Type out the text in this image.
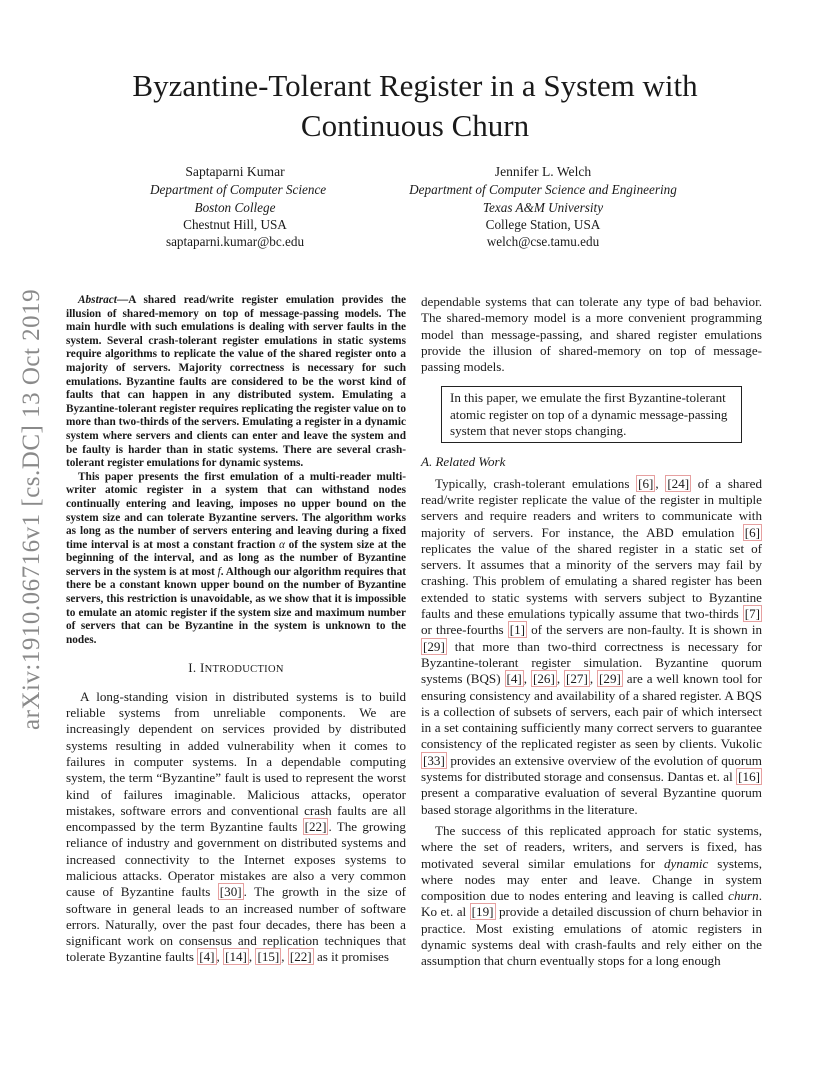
arXiv:1910.06716v1 [cs.DC] 13 Oct 2019
Byzantine-Tolerant Register in a System with
Continuous Churn
Saptaparni Kumar
Department of Computer Science
Boston College
Chestnut Hill, USA
saptaparni.kumar@bc.edu
Jennifer L. Welch
Department of Computer Science and Engineering
Texas A&M University
College Station, USA
welch@cse.tamu.edu

Abstract—A shared read/write register emulation provides the illusion of shared-memory on top of message-passing models. The main hurdle with such emulations is dealing with server faults in the system. Several crash-tolerant register emulations in static systems require algorithms to replicate the value of the shared register onto a majority of servers. Majority correctness is necessary for such emulations. Byzantine faults are considered to be the worst kind of faults that can happen in any distributed system. Emulating a Byzantine-tolerant register requires replicating the register value on to more than two-thirds of the servers. Emulating a register in a dynamic system where servers and clients can enter and leave the system and be faulty is harder than in static systems. There are several crash-tolerant register emulations for dynamic systems.

This paper presents the first emulation of a multi-reader multi-writer atomic register in a system that can withstand nodes continually entering and leaving, imposes no upper bound on the system size and can tolerate Byzantine servers. The algorithm works as long as the number of servers entering and leaving during a fixed time interval is at most a constant fraction α of the system size at the beginning of the interval, and as long as the number of Byzantine servers in the system is at most f. Although our algorithm requires that there be a constant known upper bound on the number of Byzantine servers, this restriction is unavoidable, as we show that it is impossible to emulate an atomic register if the system size and maximum number of servers that can be Byzantine in the system is unknown to the nodes.

I. INTRODUCTION

A long-standing vision in distributed systems is to build reliable systems from unreliable components. We are increasingly dependent on services provided by distributed systems resulting in added vulnerability when it comes to failures in computer systems. In a dependable computing system, the term “Byzantine” fault is used to represent the worst kind of failures imaginable. Malicious attacks, operator mistakes, software errors and conventional crash faults are all encompassed by the term Byzantine faults [22] . The growing reliance of industry and government on distributed systems and increased connectivity to the Internet exposes systems to malicious attacks. Operator mistakes are also a very common cause of Byzantine faults [30] . The growth in the size of software in general leads to an increased number of software errors. Naturally, over the past four decades, there has been a significant work on consensus and replication techniques that tolerate Byzantine faults [4] , [14] , [15] , [22] as it promises

dependable systems that can tolerate any type of bad behavior. The shared-memory model is a more convenient programming model than message-passing, and shared register emulations provide the illusion of shared-memory on top of message-passing models.

In this paper, we emulate the first Byzantine-tolerant atomic register on top of a dynamic message-passing system that never stops changing.
A. Related Work

Typically, crash-tolerant emulations [6] , [24] of a shared read/write register replicate the value of the register in multiple servers and require readers and writers to communicate with majority of servers. For instance, the ABD emulation [6] replicates the value of the shared register in a static set of servers. It assumes that a minority of the servers may fail by crashing. This problem of emulating a shared register has been extended to static systems with servers subject to Byzantine faults and these emulations typically assume that two-thirds [7] or three-fourths [1] of the servers are non-faulty. It is shown in [29] that more than two-third correctness is necessary for Byzantine-tolerant register simulation. Byzantine quorum systems (BQS) [4] , [26] , [27] , [29] are a well known tool for ensuring consistency and availability of a shared register. A BQS is a collection of subsets of servers, each pair of which intersect in a set containing sufficiently many correct servers to guarantee consistency of the replicated register as seen by clients. Vukolic [33] provides an extensive overview of the evolution of quorum systems for distributed storage and consensus. Dantas et. al [16] present a comparative evaluation of several Byzantine quorum based storage algorithms in the literature.

The success of this replicated approach for static systems, where the set of readers, writers, and servers is fixed, has motivated several similar emulations for dynamic systems, where nodes may enter and leave. Change in system composition due to nodes entering and leaving is called churn. Ko et. al [19] provide a detailed discussion of churn behavior in practice. Most existing emulations of atomic registers in dynamic systems deal with crash-faults and rely either on the assumption that churn eventually stops for a long enough
